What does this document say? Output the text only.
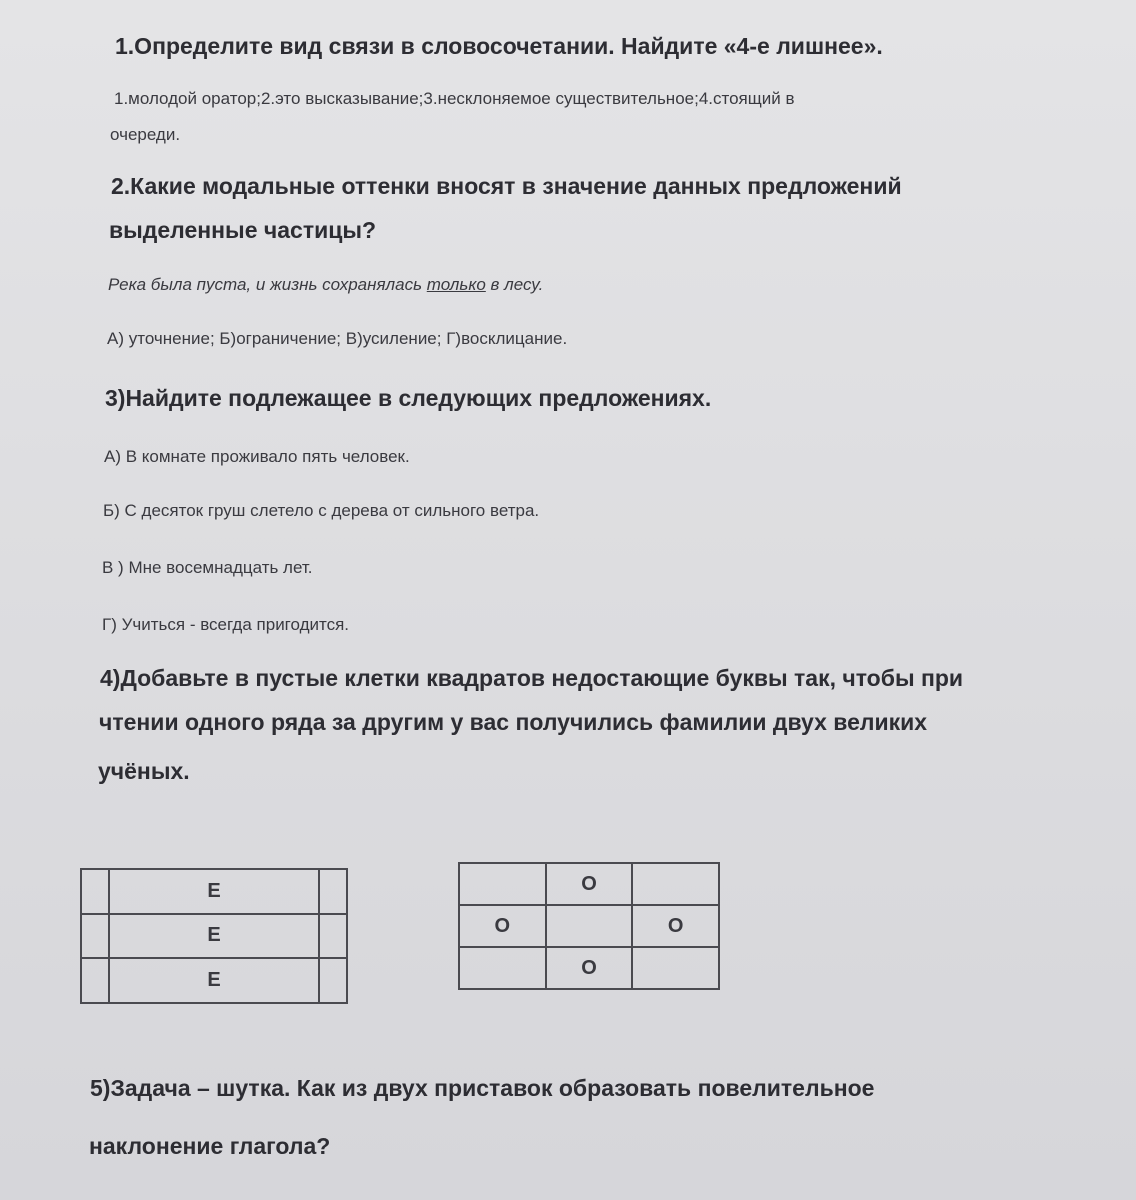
1.Определите вид связи в словосочетании. Найдите «4-е лишнее».

1.молодой оратор;2.это высказывание;3.несклоняемое существительное;4.стоящий в

очереди.

2.Какие модальные оттенки вносят в значение данных предложений

выделенные частицы?

Река была пуста, и жизнь сохранялась только в лесу.

А) уточнение; Б)ограничение; В)усиление; Г)восклицание.

3)Найдите подлежащее в следующих предложениях.

А) В комнате проживало пять человек.

Б) С десяток груш слетело с дерева от сильного ветра.

В ) Мне восемнадцать лет.

Г) Учиться - всегда пригодится.

4)Добавьте в пустые клетки квадратов недостающие буквы так, чтобы при

чтении одного ряда за другим у вас получились фамилии двух великих

учёных.

	Е	
	Е	
	Е	
	О	
О		О
	О	

5)Задача – шутка. Как из двух приставок образовать повелительное

наклонение глагола?
